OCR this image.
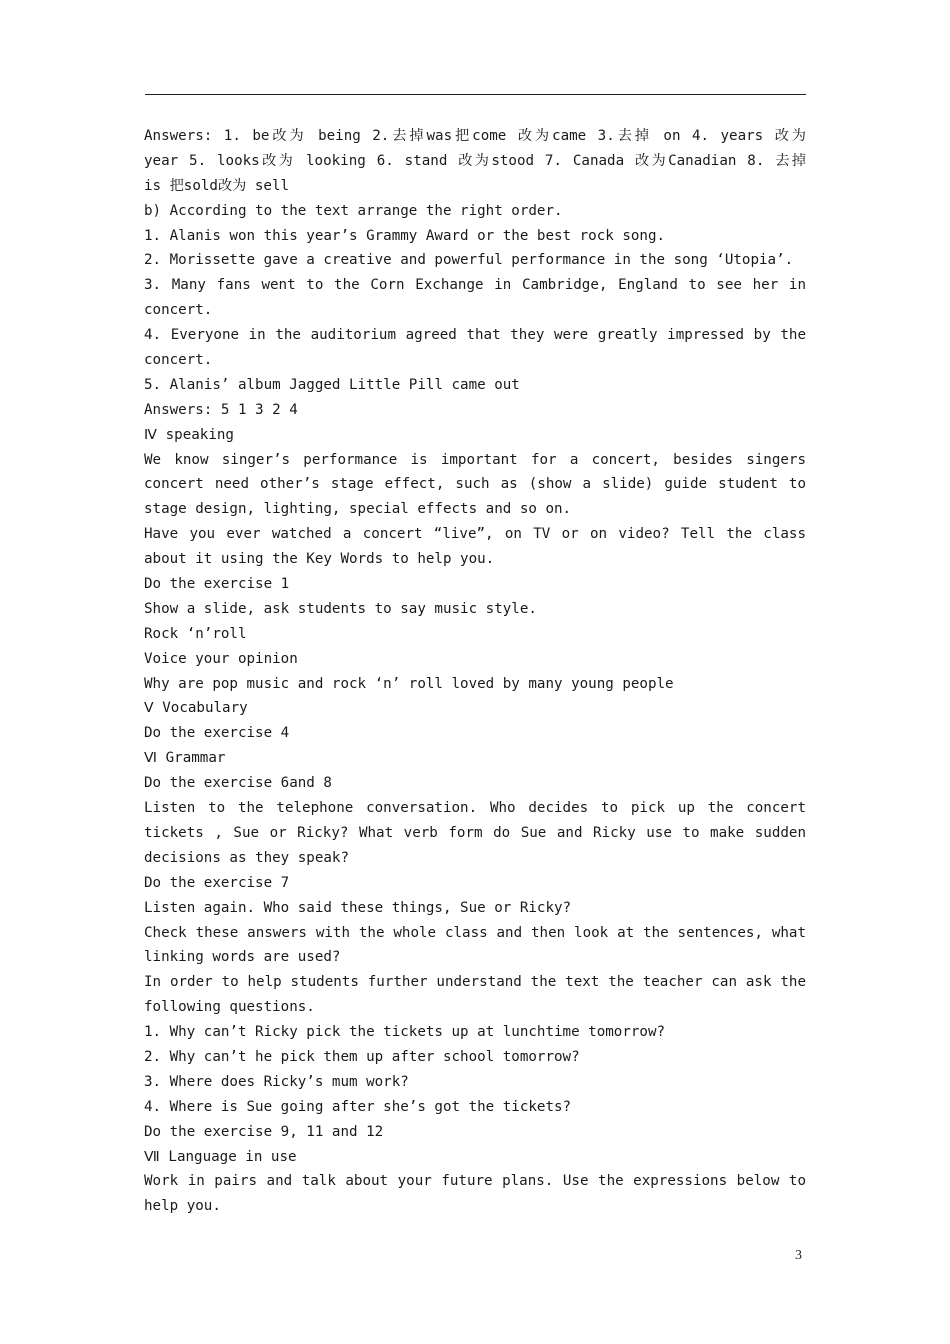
Answers: 1. be改为 being 2.去掉was把come 改为came 3.去掉 on 4. years 改为
year 5. looks改为 looking 6. stand 改为stood 7. Canada 改为Canadian 8. 去掉
is 把sold改为 sell
b) According to the text arrange the right order.
1. Alanis won this year’s Grammy Award or the best rock song.
2. Morissette gave a creative and powerful performance in the song ‘Utopia’.
3. Many fans went to the Corn Exchange in Cambridge, England to see her in
concert.
4. Everyone in the auditorium agreed that they were greatly impressed by the
concert.
5. Alanis’ album Jagged Little Pill came out
Answers: 5 1 3 2 4
Ⅳ speaking
We know singer’s performance is important for a concert, besides singers
concert need other’s stage effect, such as (show a slide) guide student to
stage design, lighting, special effects and so on.
Have you ever watched a concert “live”, on TV or on video? Tell the class
about it using the Key Words to help you.
Do the exercise 1
Show a slide, ask students to say music style.
Rock ‘n’roll
Voice your opinion
Why are pop music and rock ‘n’ roll loved by many young people
Ⅴ Vocabulary
Do the exercise 4
Ⅵ Grammar
Do the exercise 6and 8
Listen to the telephone conversation. Who decides to pick up the concert
tickets , Sue or Ricky? What verb form do Sue and Ricky use to make sudden
decisions as they speak?
Do the exercise 7
Listen again. Who said these things, Sue or Ricky?
Check these answers with the whole class and then look at the sentences, what
linking words are used?
In order to help students further understand the text the teacher can ask the
following questions.
1. Why can’t Ricky pick the tickets up at lunchtime tomorrow?
2. Why can’t he pick them up after school tomorrow?
3. Where does Ricky’s mum work?
4. Where is Sue going after she’s got the tickets?
Do the exercise 9, 11 and 12
Ⅶ Language in use
Work in pairs and talk about your future plans. Use the expressions below to
help you.
3
